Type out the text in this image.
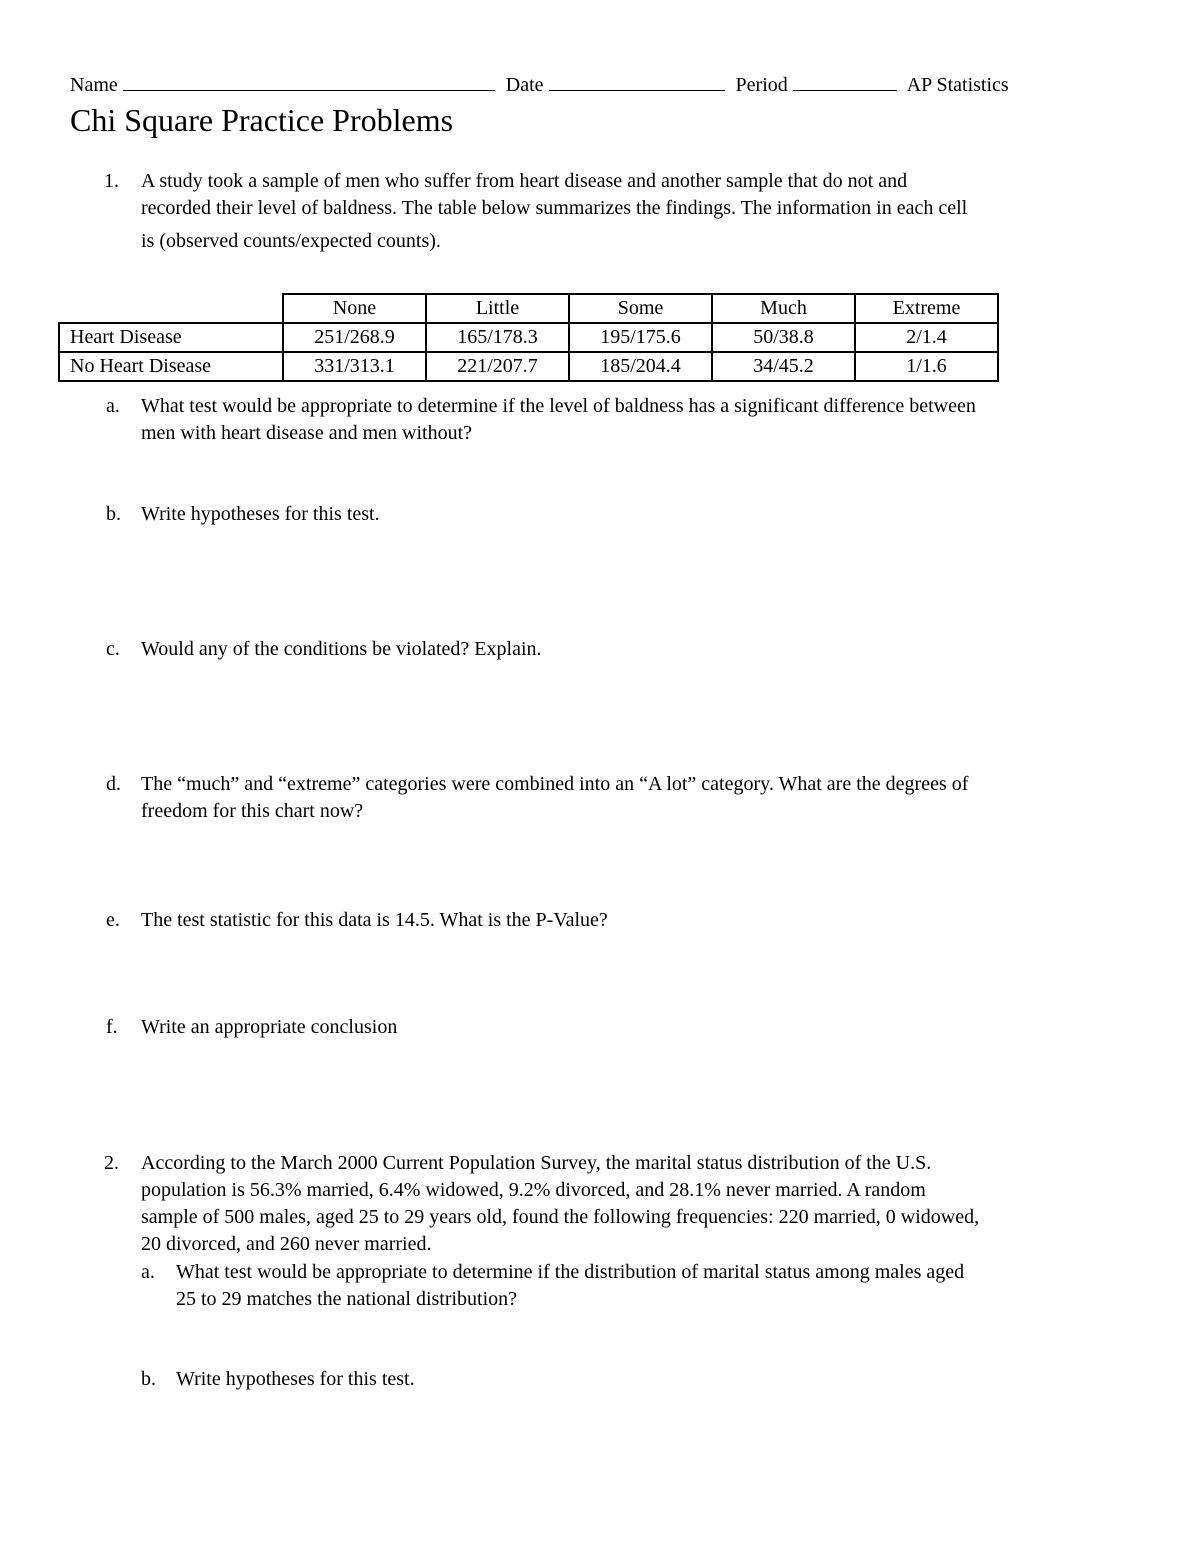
Name	Date	Period	AP Statistics
Chi Square Practice Problems
1. A study took a sample of men who suffer from heart disease and another sample that do not and
recorded their level of baldness. The table below summarizes the findings. The information in each cell
is (observed counts/expected counts).
	None	Little	Some	Much	Extreme
Heart Disease	251/268.9	165/178.3	195/175.6	50/38.8	2/1.4
No Heart Disease	331/313.1	221/207.7	185/204.4	34/45.2	1/1.6
a. What test would be appropriate to determine if the level of baldness has a significant difference between
men with heart disease and men without?
b. Write hypotheses for this test.
c. Would any of the conditions be violated? Explain.
d. The “much” and “extreme” categories were combined into an “A lot” category. What are the degrees of
freedom for this chart now?
e. The test statistic for this data is 14.5. What is the P-Value?
f. Write an appropriate conclusion
2. According to the March 2000 Current Population Survey, the marital status distribution of the U.S.
population is 56.3% married, 6.4% widowed, 9.2% divorced, and 28.1% never married. A random
sample of 500 males, aged 25 to 29 years old, found the following frequencies: 220 married, 0 widowed,
20 divorced, and 260 never married.
a. What test would be appropriate to determine if the distribution of marital status among males aged
25 to 29 matches the national distribution?
b. Write hypotheses for this test.
